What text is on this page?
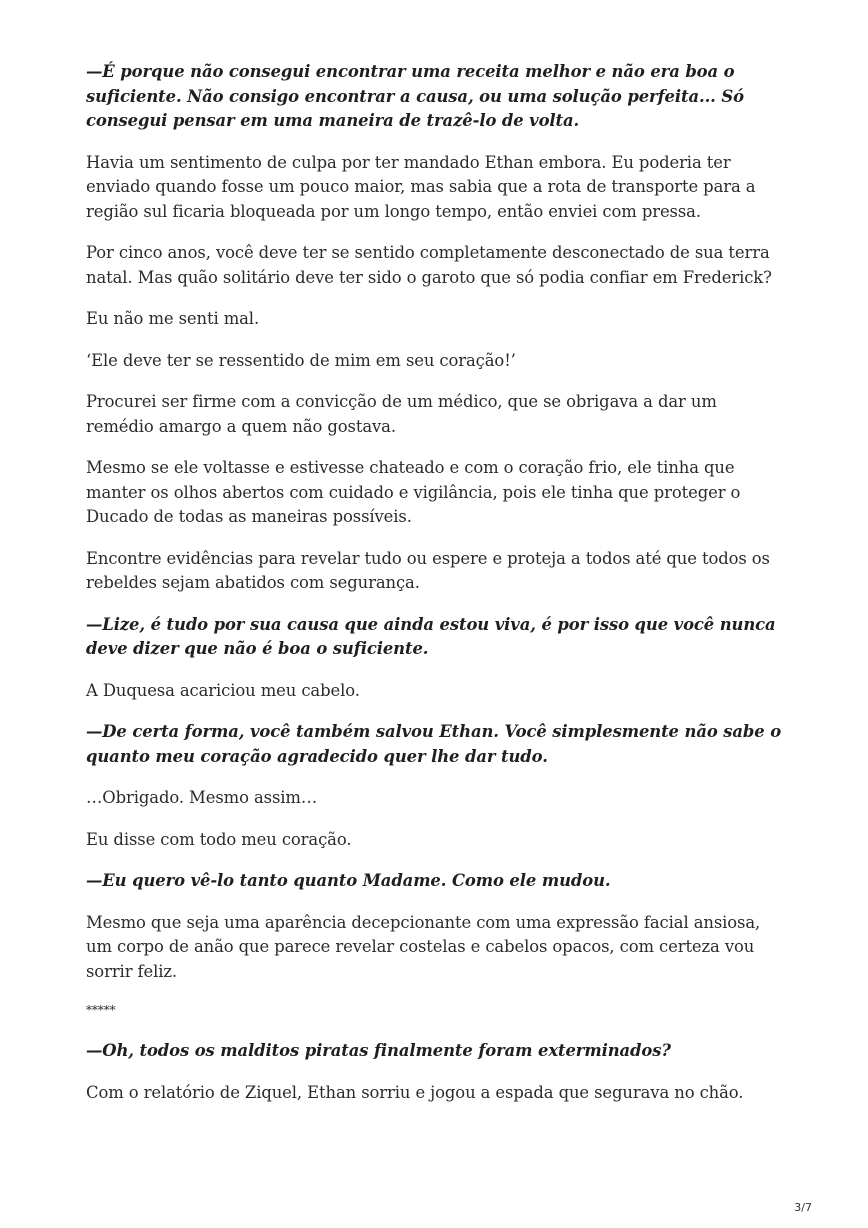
—É porque não consegui encontrar uma receita melhor e não era boa o suficiente. Não consigo encontrar a causa, ou uma solução perfeita... Só consegui pensar em uma maneira de trazê-lo de volta.

Havia um sentimento de culpa por ter mandado Ethan embora. Eu poderia ter enviado quando fosse um pouco maior, mas sabia que a rota de transporte para a região sul ficaria bloqueada por um longo tempo, então enviei com pressa.

Por cinco anos, você deve ter se sentido completamente desconectado de sua terra natal. Mas quão solitário deve ter sido o garoto que só podia confiar em Frederick?

Eu não me senti mal.

‘Ele deve ter se ressentido de mim em seu coração!’

Procurei ser firme com a convicção de um médico, que se obrigava a dar um remédio amargo a quem não gostava.

Mesmo se ele voltasse e estivesse chateado e com o coração frio, ele tinha que manter os olhos abertos com cuidado e vigilância, pois ele tinha que proteger o Ducado de todas as maneiras possíveis.

Encontre evidências para revelar tudo ou espere e proteja a todos até que todos os rebeldes sejam abatidos com segurança.

—Lize, é tudo por sua causa que ainda estou viva, é por isso que você nunca deve dizer que não é boa o suficiente.

A Duquesa acariciou meu cabelo.

—De certa forma, você também salvou Ethan. Você simplesmente não sabe o quanto meu coração agradecido quer lhe dar tudo.

…Obrigado. Mesmo assim…

Eu disse com todo meu coração.

—Eu quero vê-lo tanto quanto Madame. Como ele mudou.

Mesmo que seja uma aparência decepcionante com uma expressão facial ansiosa, um corpo de anão que parece revelar costelas e cabelos opacos, com certeza vou sorrir feliz.

*****

—Oh, todos os malditos piratas finalmente foram exterminados?

Com o relatório de Ziquel, Ethan sorriu e jogou a espada que segurava no chão.

3/7
